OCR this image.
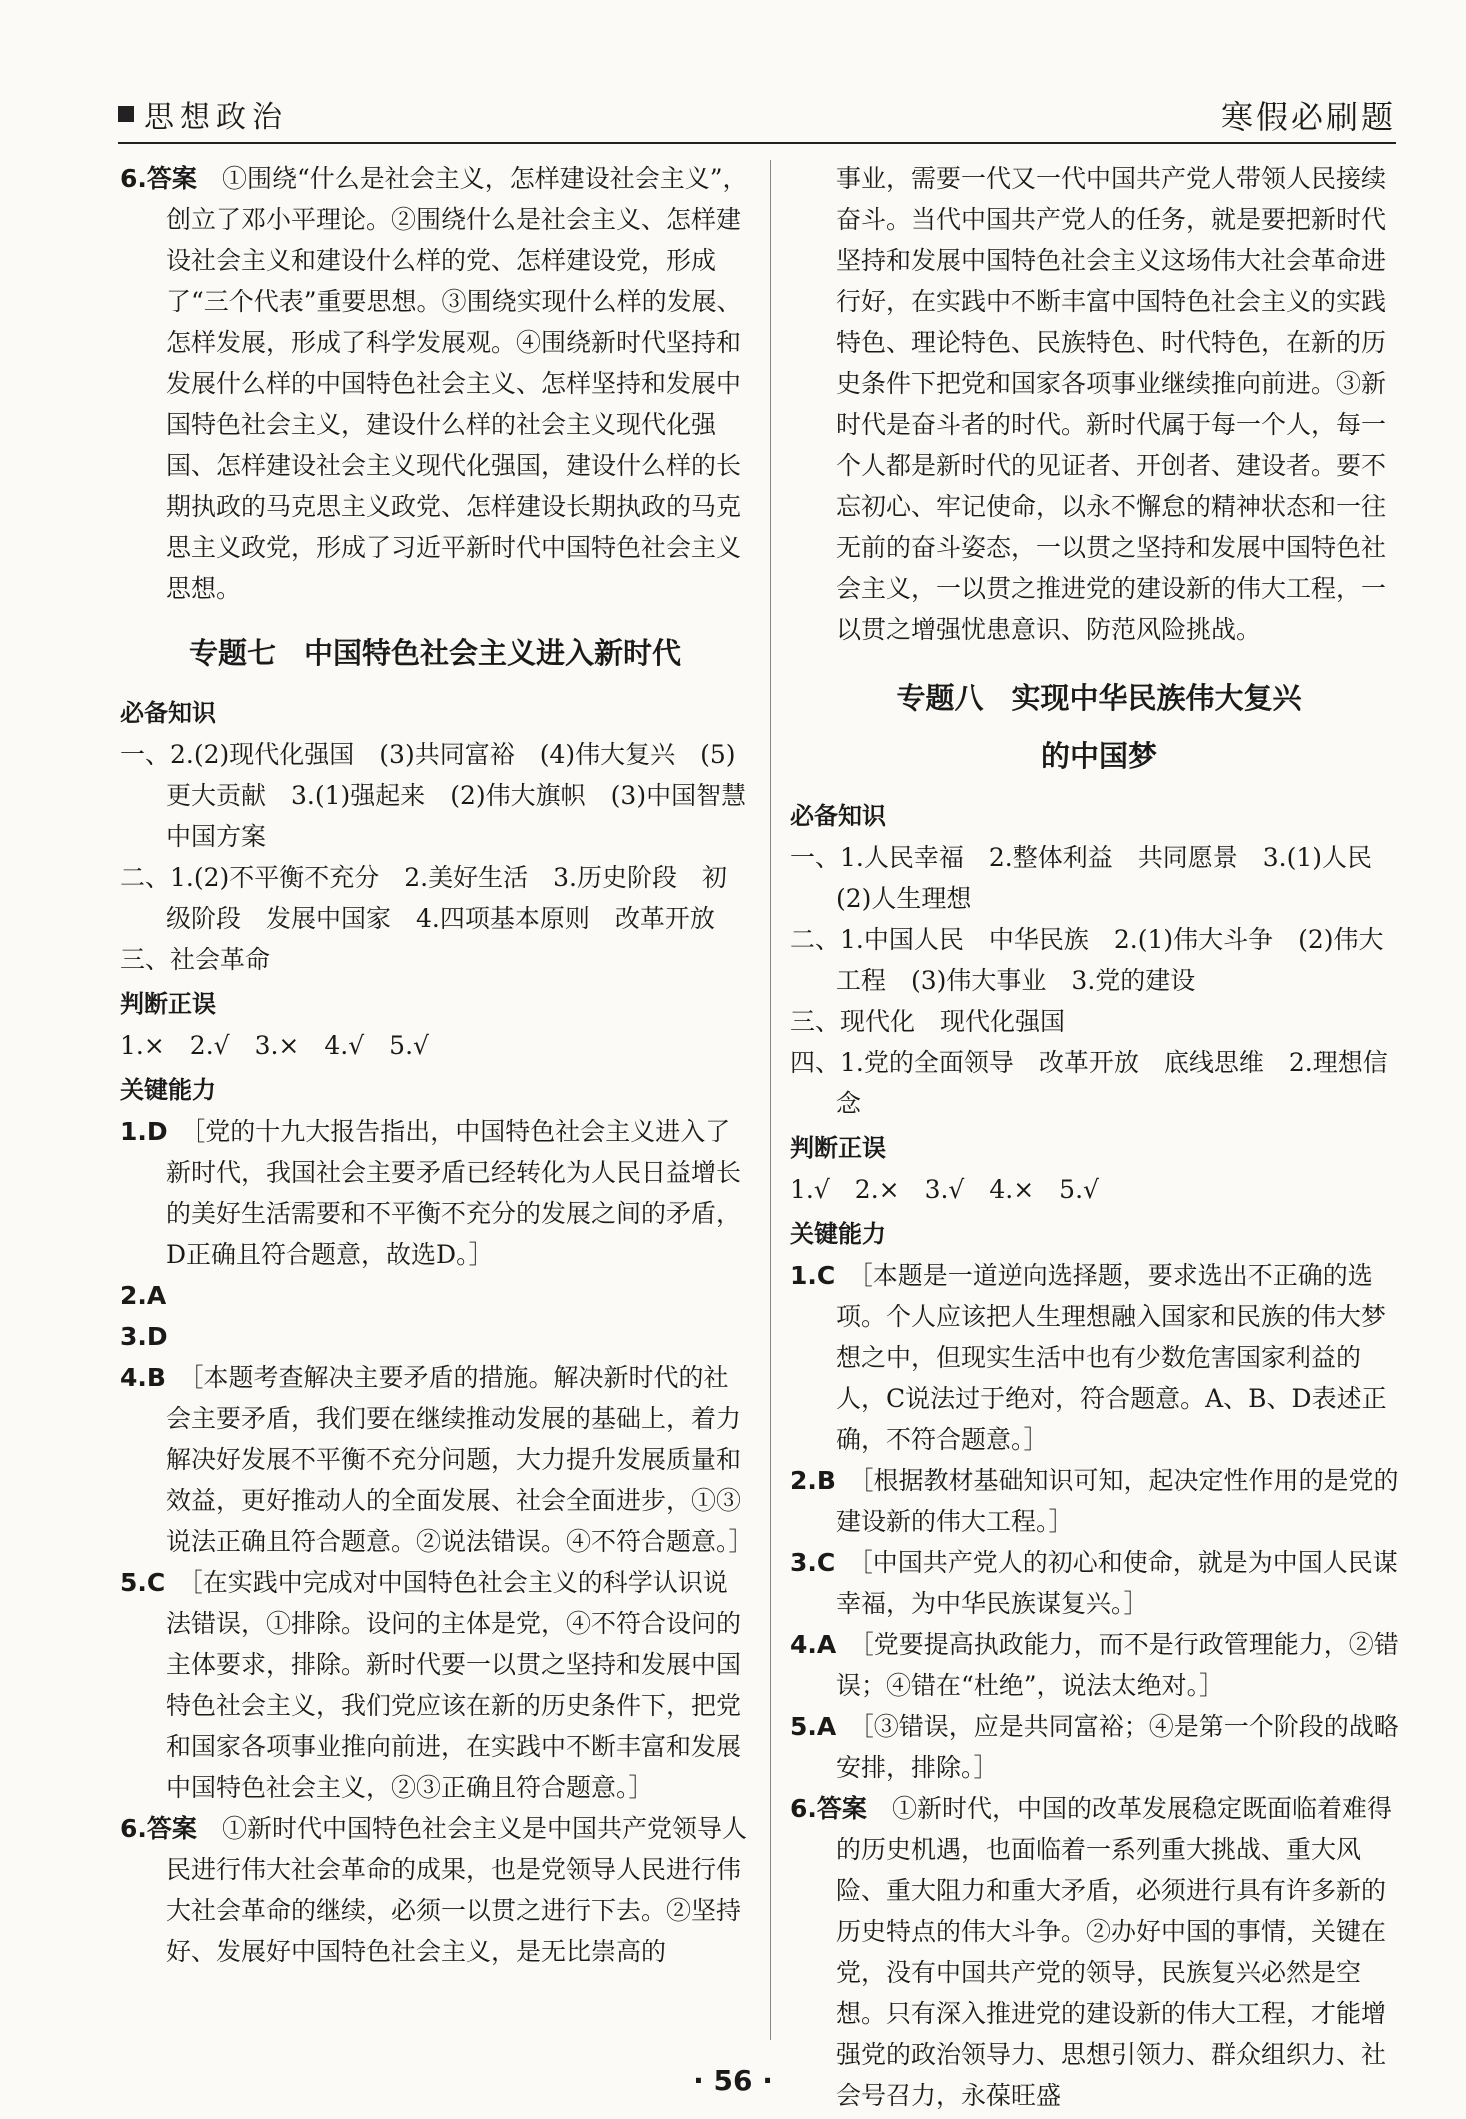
思想政治	寒假必刷题

6.答案　 ①围绕“什么是社会主义，怎样建设社会主义”，创立了邓小平理论。②围绕什么是社会主义、怎样建设社会主义和建设什么样的党、怎样建设党，形成了“三个代表”重要思想。③围绕实现什么样的发展、怎样发展，形成了科学发展观。④围绕新时代坚持和发展什么样的中国特色社会主义、怎样坚持和发展中国特色社会主义，建设什么样的社会主义现代化强国、怎样建设社会主义现代化强国，建设什么样的长期执政的马克思主义政党、怎样建设长期执政的马克思主义政党，形成了习近平新时代中国特色社会主义思想。

专题七 中国特色社会主义进入新时代

必备知识

一、2.(2)现代化强国　(3)共同富裕　(4)伟大复兴　(5)更大贡献　3.(1)强起来　(2)伟大旗帜　(3)中国智慧　中国方案

二、1.(2)不平衡不充分　2.美好生活　3.历史阶段　初级阶段　发展中国家　4.四项基本原则　改革开放

三、社会革命

判断正误

1.×　2.√　3.×　4.√　5.√

关键能力

1.D　 ［党的十九大报告指出，中国特色社会主义进入了新时代，我国社会主要矛盾已经转化为人民日益增长的美好生活需要和不平衡不充分的发展之间的矛盾，D正确且符合题意，故选D。］

2.A

3.D

4.B　 ［本题考查解决主要矛盾的措施。解决新时代的社会主要矛盾，我们要在继续推动发展的基础上，着力解决好发展不平衡不充分问题，大力提升发展质量和效益，更好推动人的全面发展、社会全面进步，①③说法正确且符合题意。②说法错误。④不符合题意。］

5.C　 ［在实践中完成对中国特色社会主义的科学认识说法错误，①排除。设问的主体是党，④不符合设问的主体要求，排除。新时代要一以贯之坚持和发展中国特色社会主义，我们党应该在新的历史条件下，把党和国家各项事业推向前进，在实践中不断丰富和发展中国特色社会主义，②③正确且符合题意。］

6.答案　 ①新时代中国特色社会主义是中国共产党领导人民进行伟大社会革命的成果，也是党领导人民进行伟大社会革命的继续，必须一以贯之进行下去。②坚持好、发展好中国特色社会主义，是无比崇高的

事业，需要一代又一代中国共产党人带领人民接续奋斗。当代中国共产党人的任务，就是要把新时代坚持和发展中国特色社会主义这场伟大社会革命进行好，在实践中不断丰富中国特色社会主义的实践特色、理论特色、民族特色、时代特色，在新的历史条件下把党和国家各项事业继续推向前进。③新时代是奋斗者的时代。新时代属于每一个人，每一个人都是新时代的见证者、开创者、建设者。要不忘初心、牢记使命，以永不懈怠的精神状态和一往无前的奋斗姿态，一以贯之坚持和发展中国特色社会主义，一以贯之推进党的建设新的伟大工程，一以贯之增强忧患意识、防范风险挑战。

专题八 实现中华民族伟大复兴
的中国梦

必备知识

一、1.人民幸福　2.整体利益　共同愿景　3.(1)人民　(2)人生理想

二、1.中国人民　中华民族　2.(1)伟大斗争　(2)伟大工程　(3)伟大事业　3.党的建设

三、现代化　现代化强国

四、1.党的全面领导　改革开放　底线思维　2.理想信念

判断正误

1.√　2.×　3.√　4.×　5.√

关键能力

1.C　 ［本题是一道逆向选择题，要求选出不正确的选项。个人应该把人生理想融入国家和民族的伟大梦想之中，但现实生活中也有少数危害国家利益的人，C说法过于绝对，符合题意。A、B、D表述正确，不符合题意。］

2.B　 ［根据教材基础知识可知，起决定性作用的是党的建设新的伟大工程。］

3.C　 ［中国共产党人的初心和使命，就是为中国人民谋幸福，为中华民族谋复兴。］

4.A　 ［党要提高执政能力，而不是行政管理能力，②错误；④错在“杜绝”，说法太绝对。］

5.A　 ［③错误，应是共同富裕；④是第一个阶段的战略安排，排除。］

6.答案　 ①新时代，中国的改革发展稳定既面临着难得的历史机遇，也面临着一系列重大挑战、重大风险、重大阻力和重大矛盾，必须进行具有许多新的历史特点的伟大斗争。②办好中国的事情，关键在党，没有中国共产党的领导，民族复兴必然是空想。只有深入推进党的建设新的伟大工程，才能增强党的政治领导力、思想引领力、群众组织力、社会号召力，永葆旺盛

· 56 ·
